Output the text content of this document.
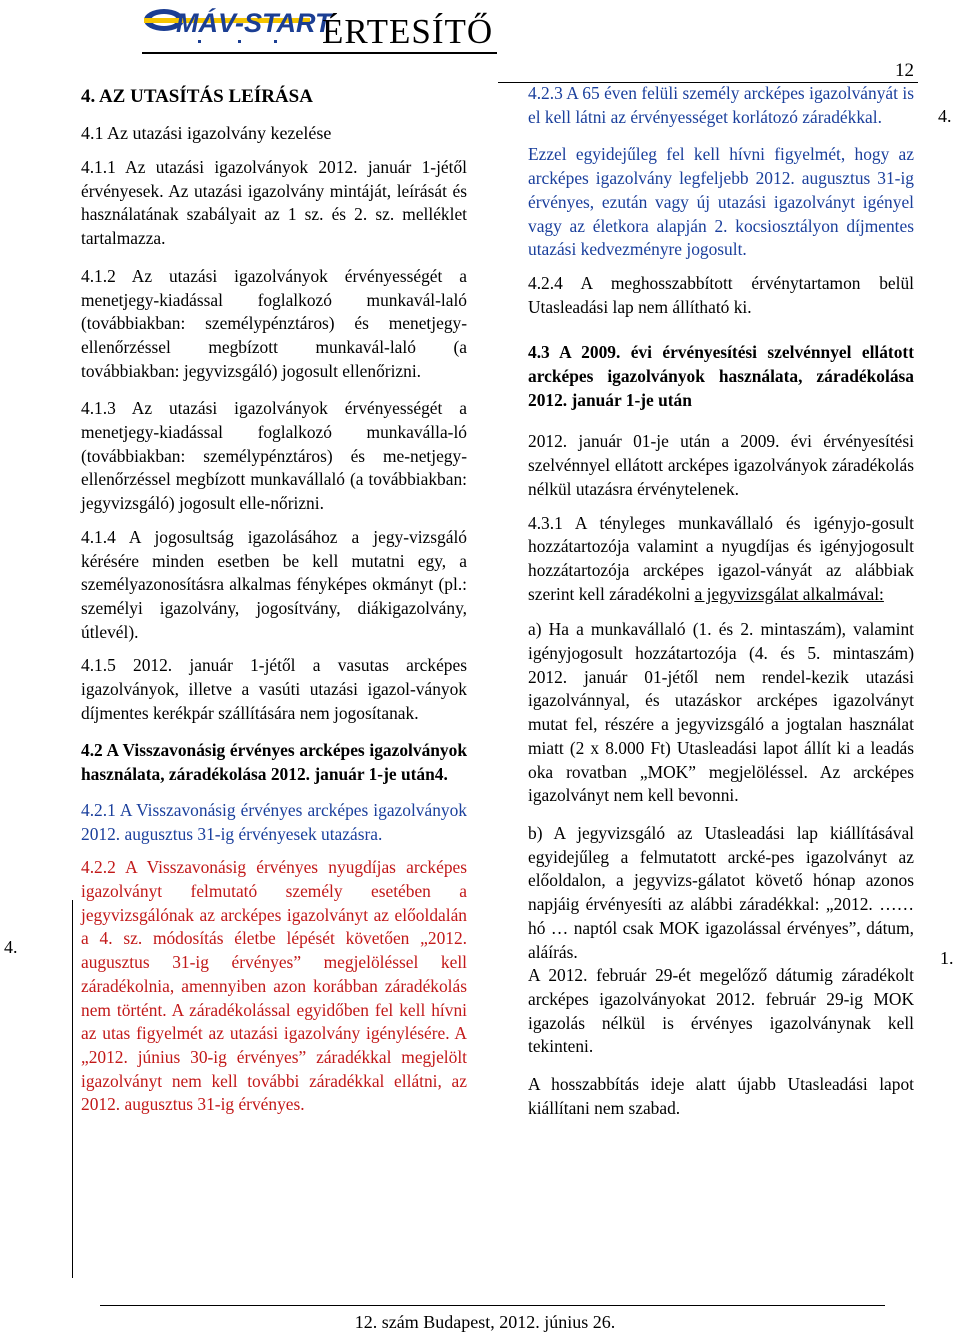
MÁV-START
ÉRTESÍTŐ
12
4.
4.
1.
4. AZ UTASÍTÁS LEÍRÁSA
4.1 Az utazási igazolvány kezelése

4.1.1 Az utazási igazolványok 2012. január 1-jétől érvényesek. Az utazási igazolvány mintáját, leírását és használatának szabályait az 1 sz. és 2. sz. melléklet tartalmazza.

4.1.2 Az utazási igazolványok érvényességét a menetjegy-kiadással foglalkozó munkavál-laló (továbbiakban: személypénztáros) és menetjegy-ellenőrzéssel megbízott munkavál-laló (a továbbiakban: jegyvizsgáló) jogosult ellenőrizni.

4.1.3 Az utazási igazolványok érvényességét a menetjegy-kiadással foglalkozó munkaválla-ló (továbbiakban: személypénztáros) és me-netjegy-ellenőrzéssel megbízott munkavállaló (a továbbiakban: jegyvizsgáló) jogosult elle-nőrizni.

4.1.4 A jogosultság igazolásához a jegy-vizsgáló kérésére minden esetben be kell mutatni egy, a személyazonosításra alkalmas fényképes okmányt (pl.: személyi igazolvány, jogosítvány, diákigazolvány, útlevél).

4.1.5 2012. január 1-jétől a vasutas arcképes igazolványok, illetve a vasúti utazási igazol-ványok díjmentes kerékpár szállítására nem jogosítanak.

4.2 A Visszavonásig érvényes arcképes igazolványok használata, záradékolása 2012. január 1-je után4.

4.2.1 A Visszavonásig érvényes arcképes igazolványok 2012. augusztus 31-ig érvényesek utazásra.

4.2.2 A Visszavonásig érvényes nyugdíjas arcképes igazolványt felmutató személy esetében a jegyvizsgálónak az arcképes igazolványt az előoldalán a 4. sz. módosítás életbe lépését követően „2012. augusztus 31-ig érvényes” megjelöléssel kell záradékolnia, amennyiben azon korábban záradékolás nem történt. A záradékolással egyidőben fel kell hívni az utas figyelmét az utazási igazolvány igénylésére. A „2012. június 30-ig érvényes” záradékkal megjelölt igazolványt nem kell további záradékkal ellátni, az 2012. augusztus 31-ig érvényes.

4.2.3 A 65 éven felüli személy arcképes igazolványát is el kell látni az érvényességet korlátozó záradékkal.

Ezzel egyidejűleg fel kell hívni figyelmét, hogy az arcképes igazolvány legfeljebb 2012. augusztus 31-ig érvényes, ezután vagy új utazási igazolványt igényel vagy az életkora alapján 2. kocsiosztályon díjmentes utazási kedvezményre jogosult.

4.2.4 A meghosszabbított érvénytartamon belül Utasleadási lap nem állítható ki.

4.3 A 2009. évi érvényesítési szelvénnyel ellátott arcképes igazolványok használata, záradékolása 2012. január 1-je után

2012. január 01-je után a 2009. évi érvényesítési szelvénnyel ellátott arcképes igazolványok záradékolás nélkül utazásra érvénytelenek.

4.3.1 A tényleges munkavállaló és igényjo-gosult hozzátartozója valamint a nyugdíjas és igényjogosult hozzátartozója arcképes igazol-ványát az alábbiak szerint kell záradékolni a jegyvizsgálat alkalmával:

a) Ha a munkavállaló (1. és 2. mintaszám), valamint igényjogosult hozzátartozója (4. és 5. mintaszám) 2012. január 01-jétől nem rendel-kezik utazási igazolvánnyal, és utazáskor arcképes igazolványt mutat fel, részére a jegyvizsgáló a jogtalan használat miatt (2 x 8.000 Ft) Utasleadási lapot állít ki a leadás oka rovatban „MOK” megjelöléssel. Az arcképes igazolványt nem kell bevonni.

b) A jegyvizsgáló az Utasleadási lap kiállításával egyidejűleg a felmutatott arcké-pes igazolványt az előoldalon, a jegyvizs-gálatot követő hónap azonos napjáig érvényesíti az alábbi záradékkal: „2012. …… hó … naptól csak MOK igazolással érvényes”, dátum, aláírás.

A 2012. február 29-ét megelőző dátumig záradékolt arcképes igazolványokat 2012. február 29-ig MOK igazolás nélkül is érvényes igazolványnak kell tekinteni.

A hosszabbítás ideje alatt újabb Utasleadási lapot kiállítani nem szabad.

12. szám Budapest, 2012. június 26.
